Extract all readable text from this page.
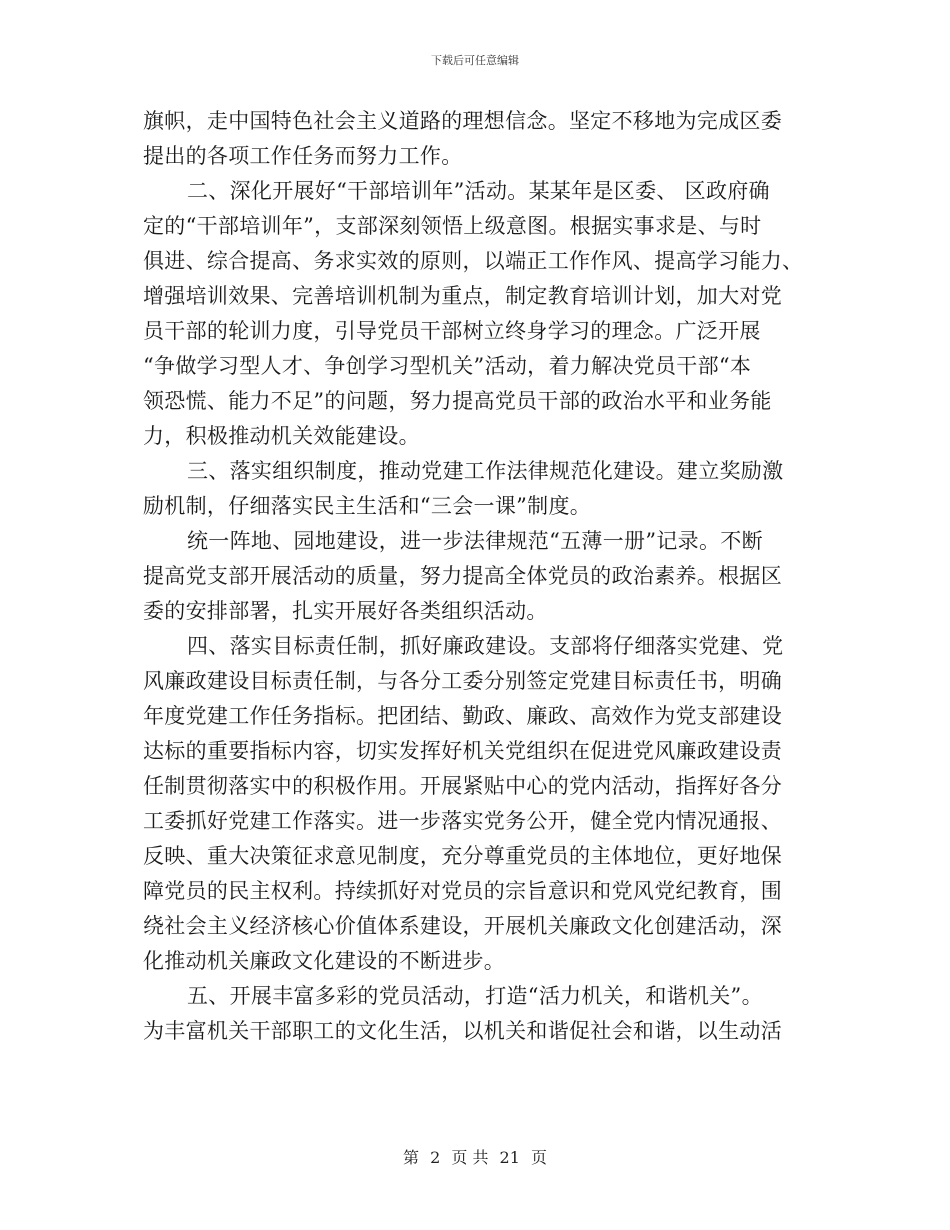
下载后可任意编辑
旗帜，走中国特色社会主义道路的理想信念。坚定不移地为完成区委
提出的各项工作任务而努力工作。
二、深化开展好“干部培训年”活动。某某年是区委、 区政府确
定的“干部培训年”，支部深刻领悟上级意图。根据实事求是、与时
俱进、综合提高、务求实效的原则，以端正工作作风、提高学习能力、
增强培训效果、完善培训机制为重点，制定教育培训计划，加大对党
员干部的轮训力度，引导党员干部树立终身学习的理念。广泛开展
“争做学习型人才、争创学习型机关”活动，着力解决党员干部“本
领恐慌、能力不足”的问题，努力提高党员干部的政治水平和业务能
力，积极推动机关效能建设。
三、落实组织制度，推动党建工作法律规范化建设。建立奖励激
励机制，仔细落实民主生活和“三会一课”制度。
统一阵地、园地建设，进一步法律规范“五薄一册”记录。不断
提高党支部开展活动的质量，努力提高全体党员的政治素养。根据区
委的安排部署，扎实开展好各类组织活动。
四、落实目标责任制，抓好廉政建设。支部将仔细落实党建、党
风廉政建设目标责任制，与各分工委分别签定党建目标责任书，明确
年度党建工作任务指标。把团结、勤政、廉政、高效作为党支部建设
达标的重要指标内容，切实发挥好机关党组织在促进党风廉政建设责
任制贯彻落实中的积极作用。开展紧贴中心的党内活动，指挥好各分
工委抓好党建工作落实。进一步落实党务公开，健全党内情况通报、
反映、重大决策征求意见制度，充分尊重党员的主体地位，更好地保
障党员的民主权利。持续抓好对党员的宗旨意识和党风党纪教育，围
绕社会主义经济核心价值体系建设，开展机关廉政文化创建活动，深
化推动机关廉政文化建设的不断进步。
五、开展丰富多彩的党员活动，打造“活力机关，和谐机关”。
为丰富机关干部职工的文化生活，以机关和谐促社会和谐，以生动活
第 2 页 共 21 页
